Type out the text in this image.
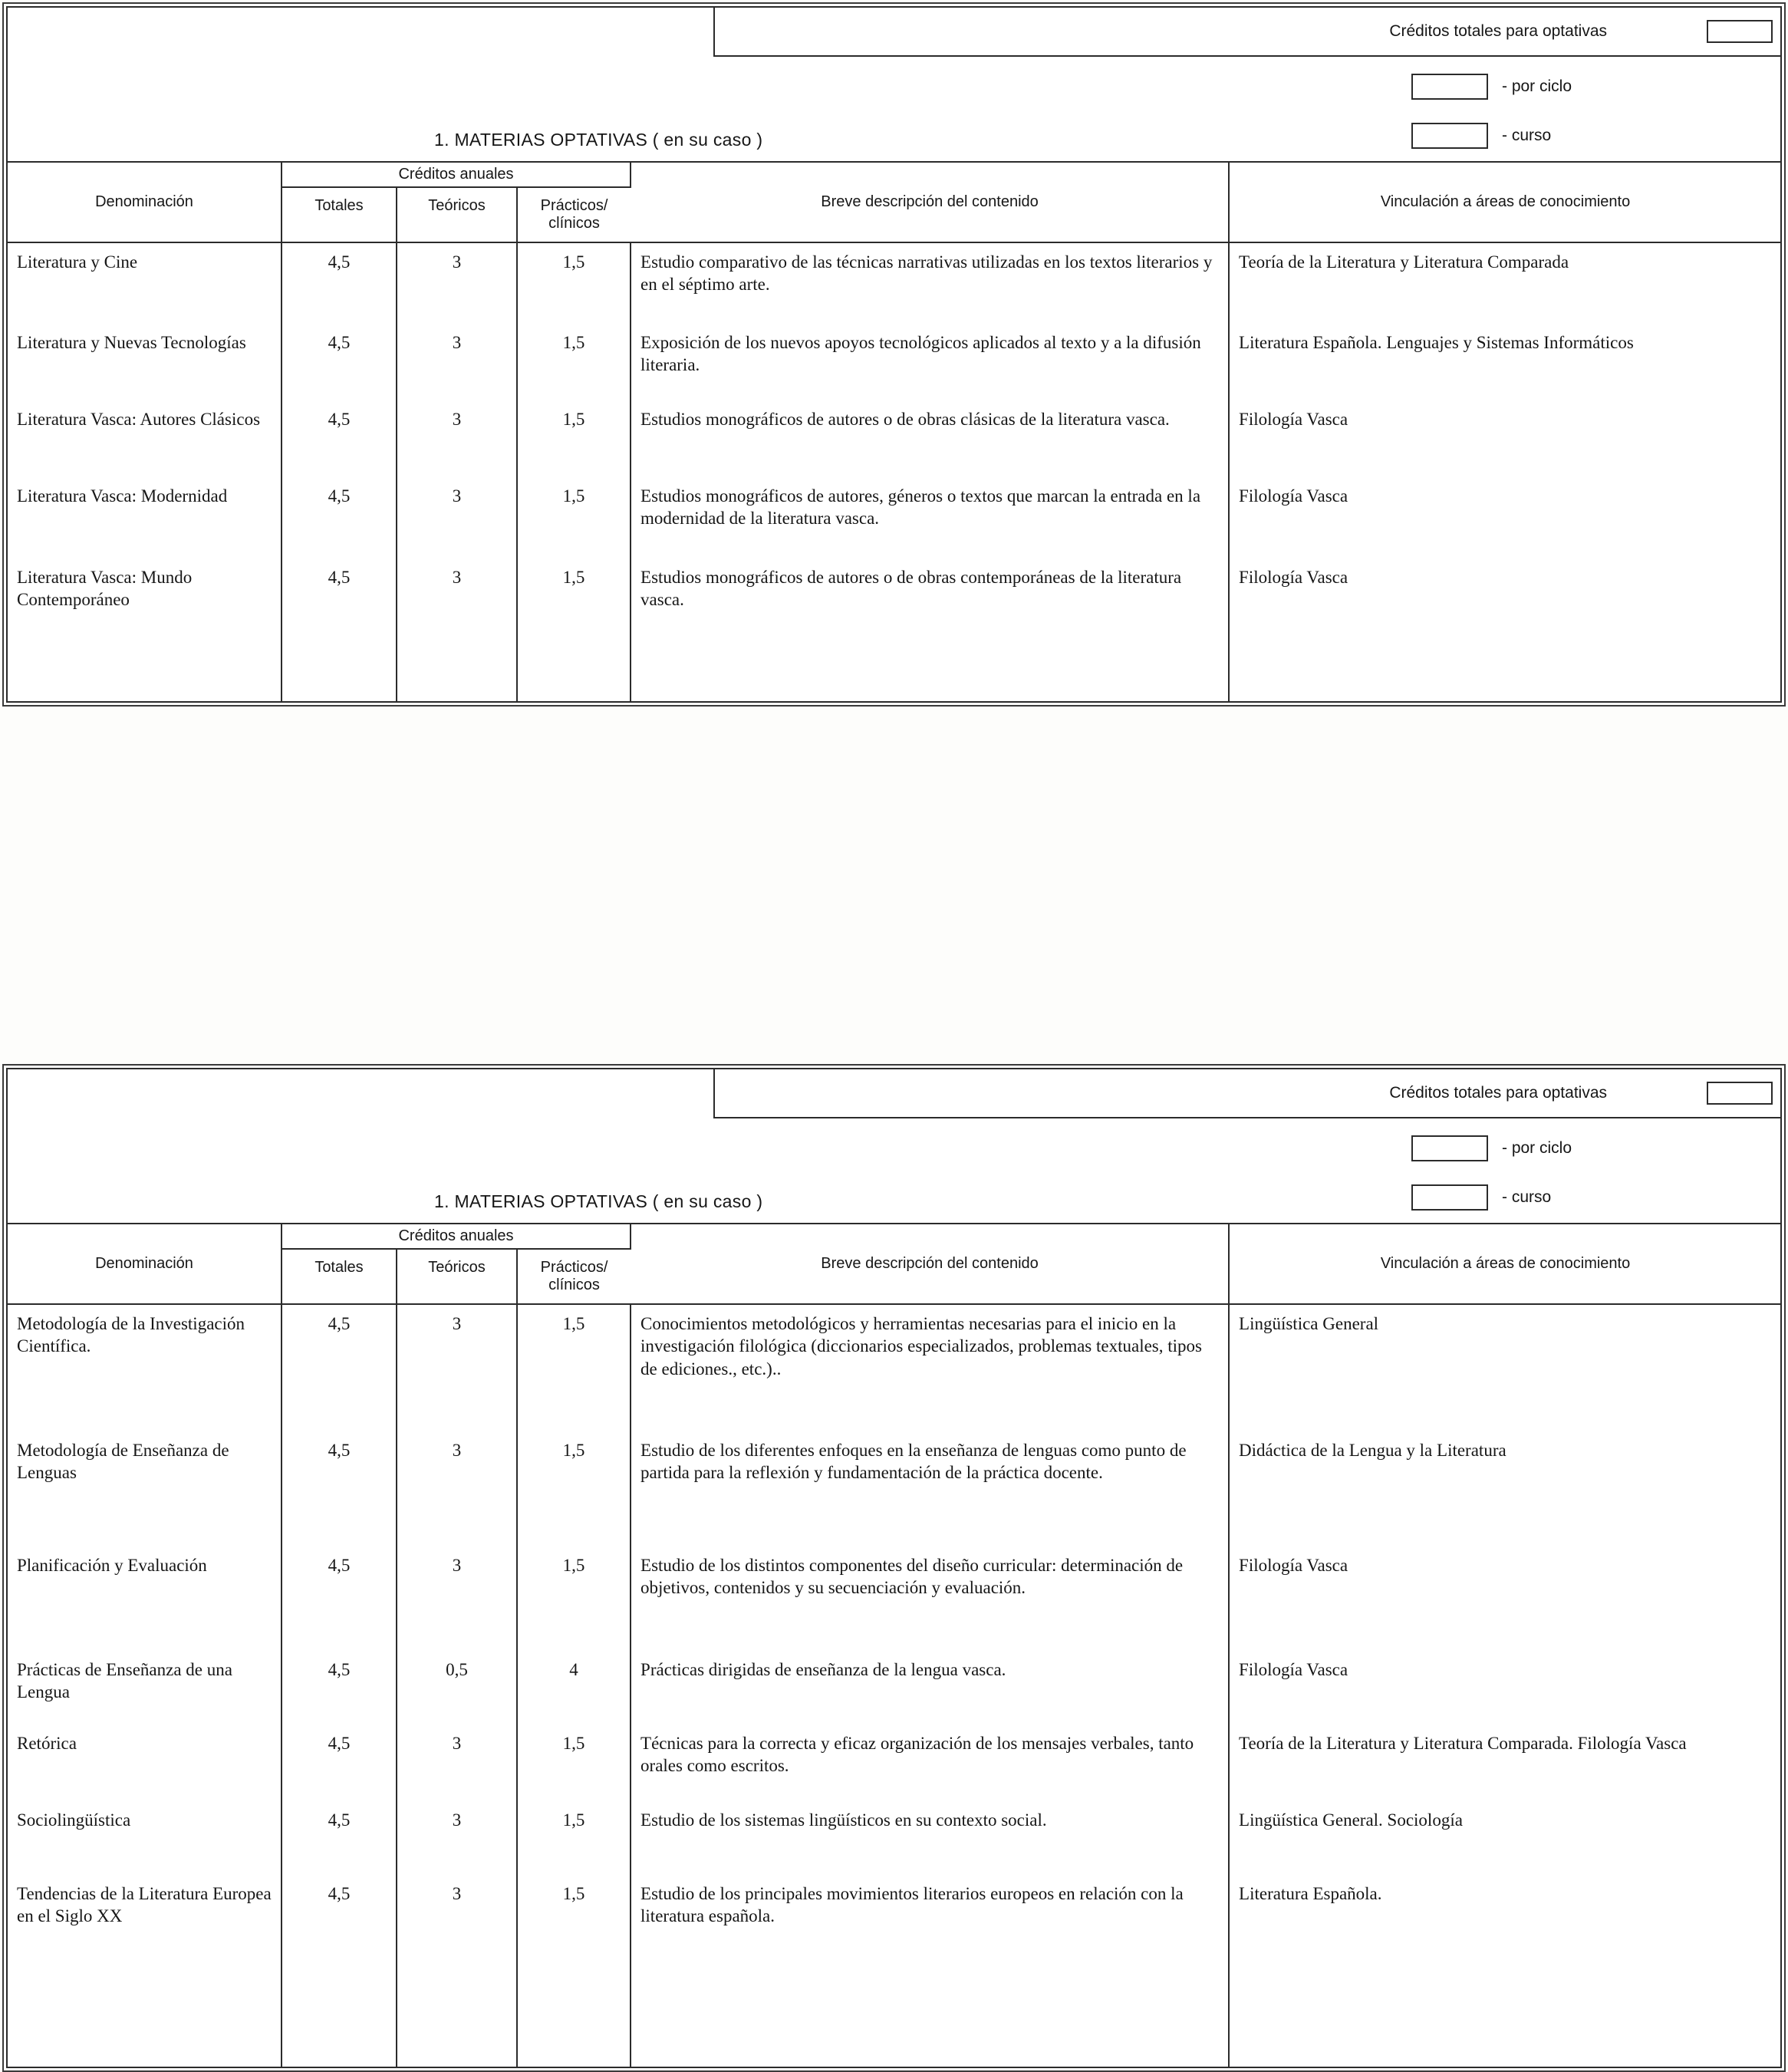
Créditos totales para optativas
- por ciclo
- curso
1. MATERIAS OPTATIVAS ( en su caso )
Denominación	Créditos anuales			Breve descripción del contenido	Vinculación a áreas de conocimiento
	Totales	Teóricos	Prácticos/ clínicos		
Literatura y Cine	4,5	3	1,5	Estudio comparativo de las técnicas narrativas utilizadas en los textos literarios y en el séptimo arte.	Teoría de la Literatura y Literatura Comparada
Literatura y Nuevas Tecnologías	4,5	3	1,5	Exposición de los nuevos apoyos tecnológicos aplicados al texto y a la difusión literaria.	Literatura Española. Lenguajes y Sistemas Informáticos
Literatura Vasca: Autores Clásicos	4,5	3	1,5	Estudios monográficos de autores o de obras clásicas de la literatura vasca.	Filología Vasca
Literatura Vasca: Modernidad	4,5	3	1,5	Estudios monográficos de autores, géneros o textos que marcan la entrada en la modernidad de la literatura vasca.	Filología Vasca
Literatura Vasca: Mundo Contemporáneo	4,5	3	1,5	Estudios monográficos de autores o de obras contemporáneas de la literatura vasca.	Filología Vasca
Créditos totales para optativas
- por ciclo
- curso
1. MATERIAS OPTATIVAS ( en su caso )
Denominación	Créditos anuales			Breve descripción del contenido	Vinculación a áreas de conocimiento
	Totales	Teóricos	Prácticos/ clínicos		
Metodología de la Investigación Científica.	4,5	3	1,5	Conocimientos metodológicos y herramientas necesarias para el inicio en la investigación filológica (diccionarios especializados, problemas textuales, tipos de ediciones., etc.)..	Lingüística General
Metodología de Enseñanza de Lenguas	4,5	3	1,5	Estudio de los diferentes enfoques en la enseñanza de lenguas como punto de partida para la reflexión y fundamentación de la práctica docente.	Didáctica de la Lengua y la Literatura
Planificación y Evaluación	4,5	3	1,5	Estudio de los distintos componentes del diseño curricular: determinación de objetivos, contenidos y su secuenciación y evaluación.	Filología Vasca
Prácticas de Enseñanza de una Lengua	4,5	0,5	4	Prácticas dirigidas de enseñanza de la lengua vasca.	Filología Vasca
Retórica	4,5	3	1,5	Técnicas para la correcta y eficaz organización de los mensajes verbales, tanto orales como escritos.	Teoría de la Literatura y Literatura Comparada. Filología Vasca
Sociolingüística	4,5	3	1,5	Estudio de los sistemas lingüísticos en su contexto social.	Lingüística General. Sociología
Tendencias de la Literatura Europea en el Siglo XX	4,5	3	1,5	Estudio de los principales movimientos literarios europeos en relación con la literatura española.	Literatura Española.
